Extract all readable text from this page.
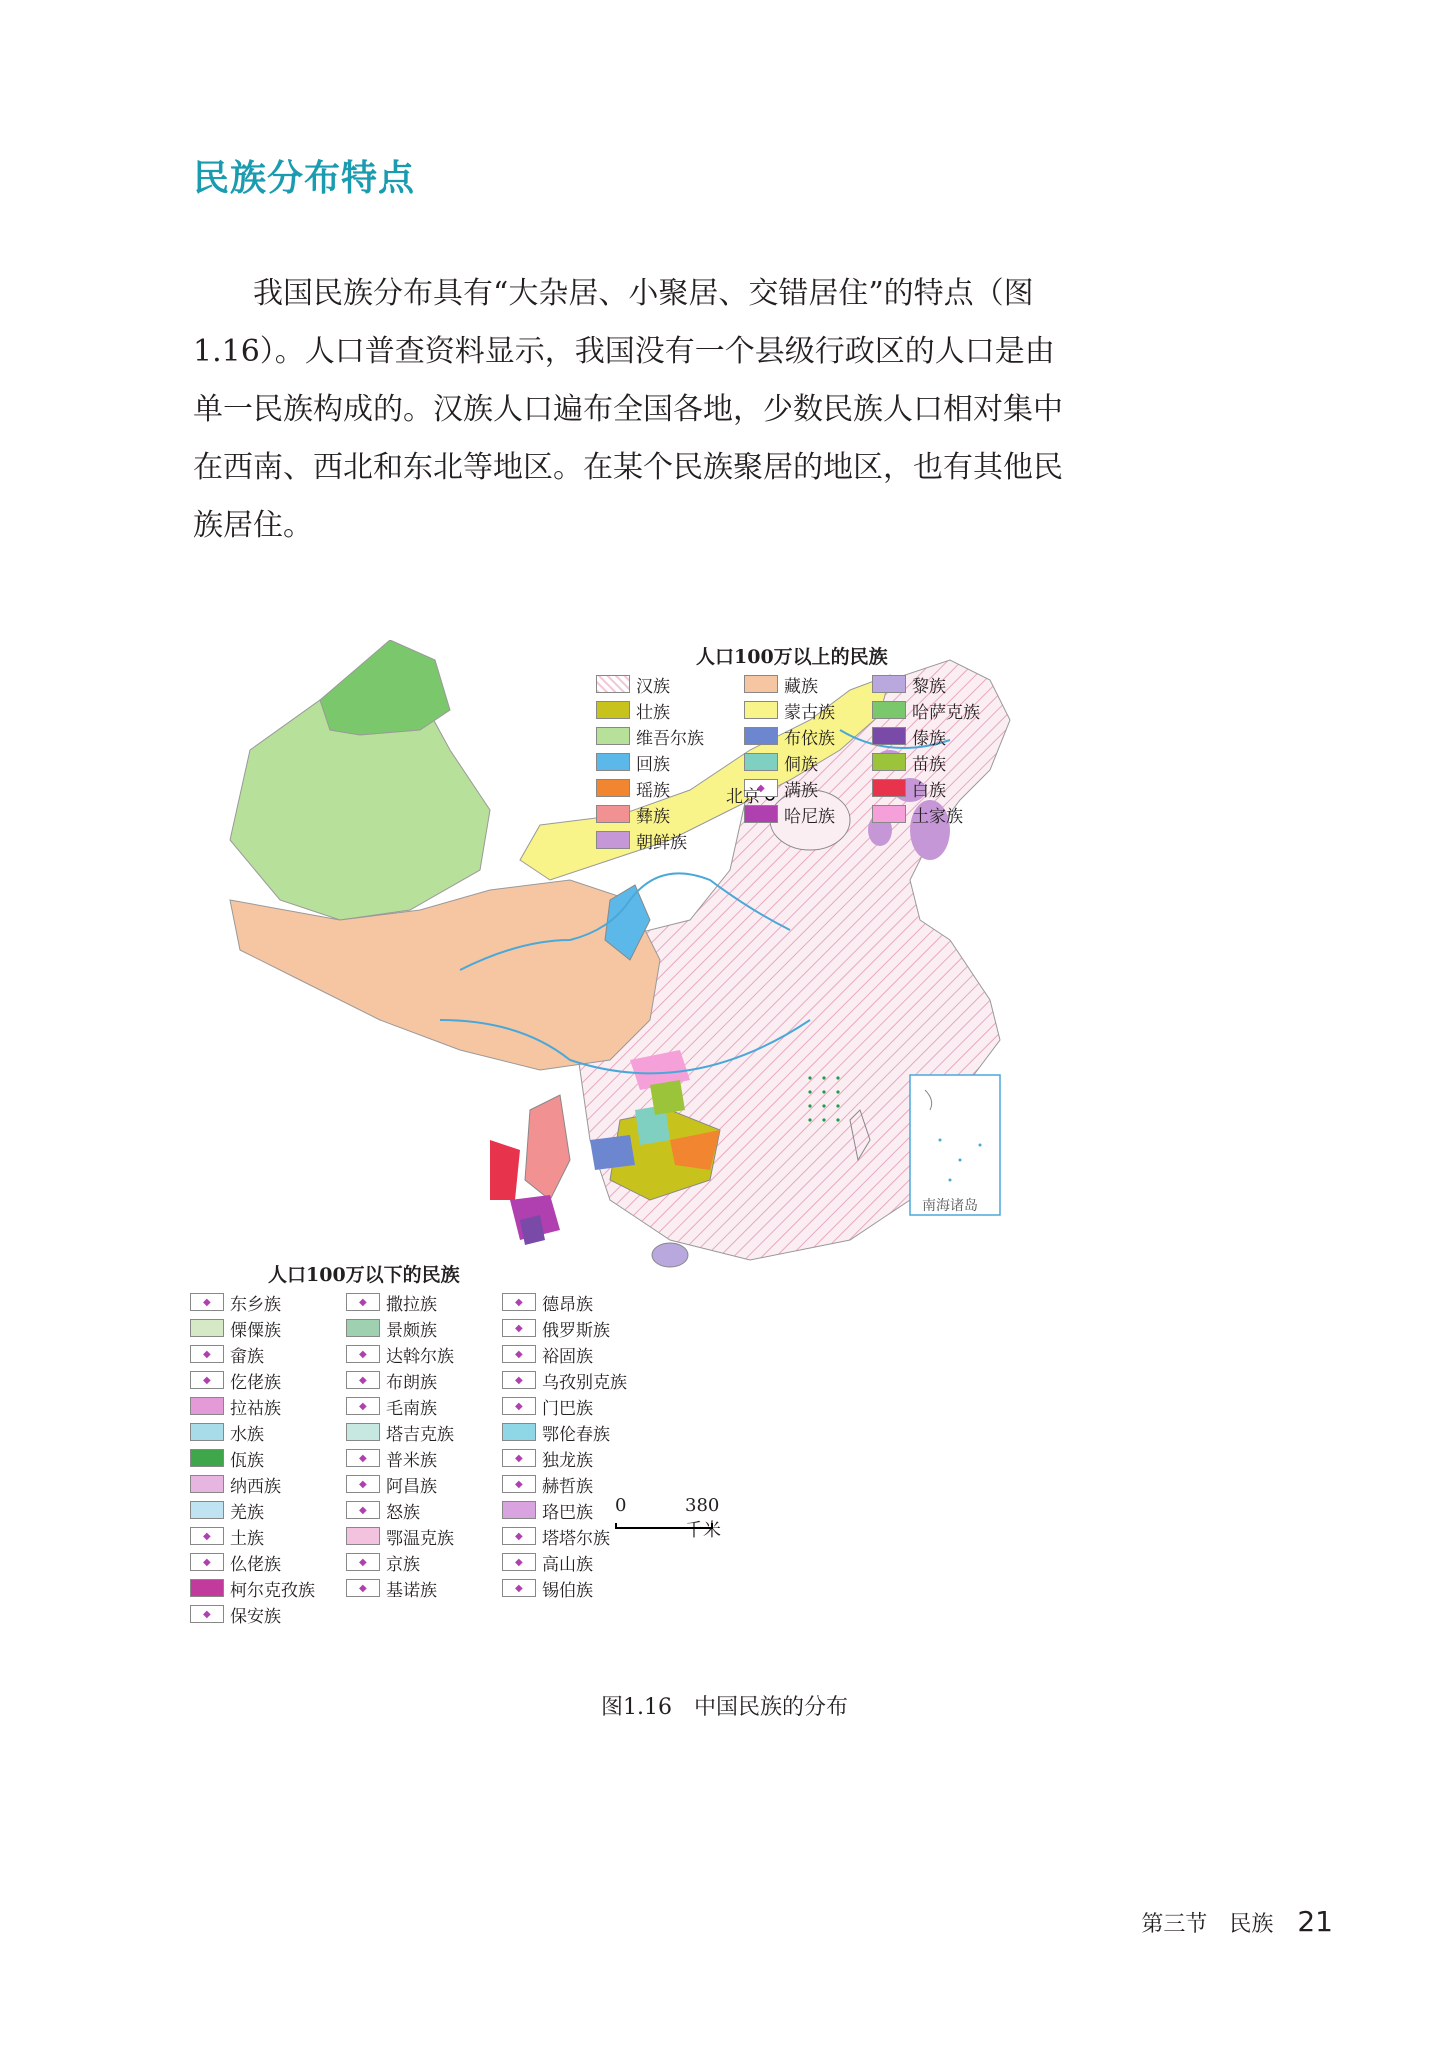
民族分布特点

我国民族分布具有“大杂居、小聚居、交错居住”的特点（图1.16）。人口普查资料显示，我国没有一个县级行政区的人口是由单一民族构成的。汉族人口遍布全国各地，少数民族人口相对集中在西南、西北和东北等地区。在某个民族聚居的地区，也有其他民族居住。

人口100万以上的民族
汉族	藏族	黎族
壮族	蒙古族	哈萨克族
维吾尔族	布依族	傣族
回族	侗族	苗族
瑶族	◆ 满族	白族
彝族	哈尼族	土家族
朝鲜族
人口100万以下的民族
◆ 东乡族	◆ 撒拉族	◆ 德昂族
傈僳族	景颇族	◆ 俄罗斯族
◆ 畲族	◆ 达斡尔族	◆ 裕固族
◆ 仡佬族	◆ 布朗族	◆ 乌孜别克族
拉祜族	◆ 毛南族	◆ 门巴族
水族	塔吉克族	鄂伦春族
佤族	◆ 普米族	◆ 独龙族
纳西族	◆ 阿昌族	◆ 赫哲族
羌族	◆ 怒族	珞巴族
◆ 土族	鄂温克族	◆ 塔塔尔族
◆ 仫佬族	◆ 京族	◆ 高山族
柯尔克孜族	◆ 基诺族	◆ 锡伯族
◆ 保安族
北京
0	380千米
南海诸岛
图1.16　中国民族的分布
第三节　民族 21
